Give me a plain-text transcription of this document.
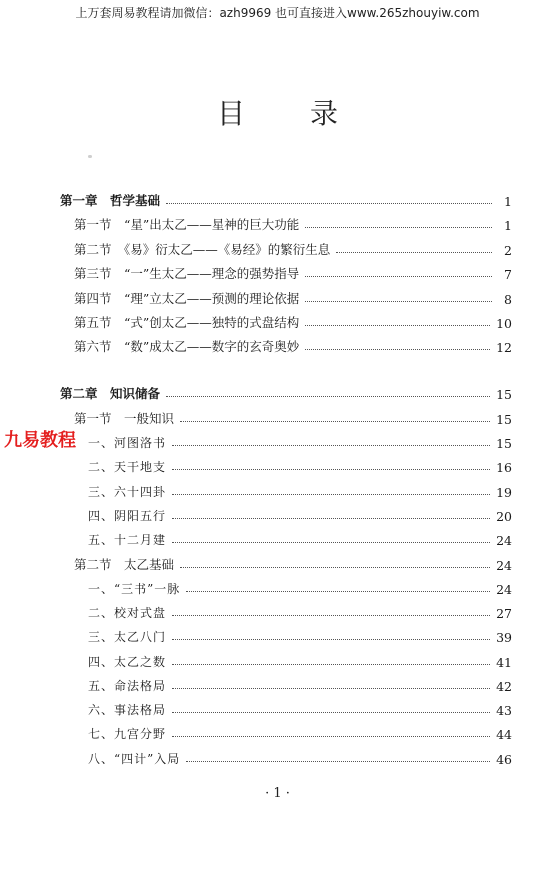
上万套周易教程请加微信：azh9969 也可直接进入www.265zhouyiw.com
目 录
第一章　哲学基础	1
第一节　“星”出太乙——星神的巨大功能	1
第二节　《易》衍太乙——《易经》的繁衍生息	2
第三节　“一”生太乙——理念的强势指导	7
第四节　“理”立太乙——预测的理论依据	8
第五节　“式”创太乙——独特的式盘结构	10
第六节　“数”成太乙——数字的玄奇奥妙	12
第二章　知识储备	15
第一节　一般知识	15
一、河图洛书	15
二、天干地支	16
三、六十四卦	19
四、阴阳五行	20
五、十二月建	24
第二节　太乙基础	24
一、“三书”一脉	24
二、校对式盘	27
三、太乙八门	39
四、太乙之数	41
五、命法格局	42
六、事法格局	43
七、九宫分野	44
八、“四计”入局	46
九易教程
· 1 ·
